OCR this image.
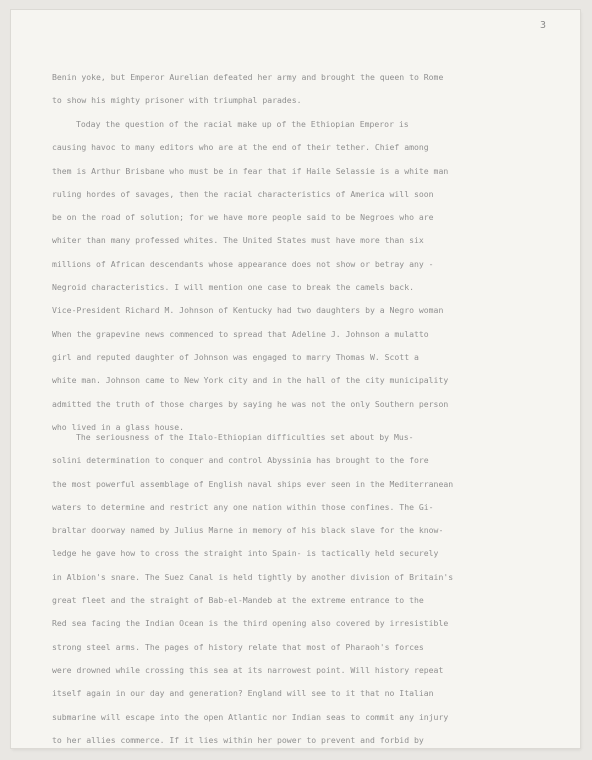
3
Benin yoke, but Emperor Aurelian defeated her army and brought the queen to Rome
to show his mighty prisoner with triumphal parades.
Today the question of the racial make up of the Ethiopian Emperor is
causing havoc to many editors who are at the end of their tether. Chief among
them is Arthur Brisbane who must be in fear that if Haile Selassie is a white man
ruling hordes of savages, then the racial characteristics of America will soon
be on the road of solution; for we have more people said to be Negroes who are
whiter than many professed whites. The United States must have more than six
millions of African descendants whose appearance does not show or betray any -
Negroid characteristics. I will mention one case to break the camels back.
Vice-President Richard M. Johnson of Kentucky had two daughters by a Negro woman
When the grapevine news commenced to spread that Adeline J. Johnson a mulatto
girl and reputed daughter of Johnson was engaged to marry Thomas W. Scott a
white man. Johnson came to New York city and in the hall of the city municipality
admitted the truth of those charges by saying he was not the only Southern person
who lived in a glass house.
The seriousness of the Italo-Ethiopian difficulties set about by Mus-
solini determination to conquer and control Abyssinia has brought to the fore
the most powerful assemblage of English naval ships ever seen in the Mediterranean
waters to determine and restrict any one nation within those confines. The Gi-
braltar doorway named by Julius Marne in memory of his black slave for the know-
ledge he gave how to cross the straight into Spain- is tactically held securely
in Albion's snare. The Suez Canal is held tightly by another division of Britain's
great fleet and the straight of Bab-el-Mandeb at the extreme entrance to the
Red sea facing the Indian Ocean is the third opening also covered by irresistible
strong steel arms. The pages of history relate that most of Pharaoh's forces
were drowned while crossing this sea at its narrowest point. Will history repeat
itself again in our day and generation? England will see to it that no Italian
submarine will escape into the open Atlantic nor Indian seas to commit any injury
to her allies commerce. If it lies within her power to prevent and forbid by
